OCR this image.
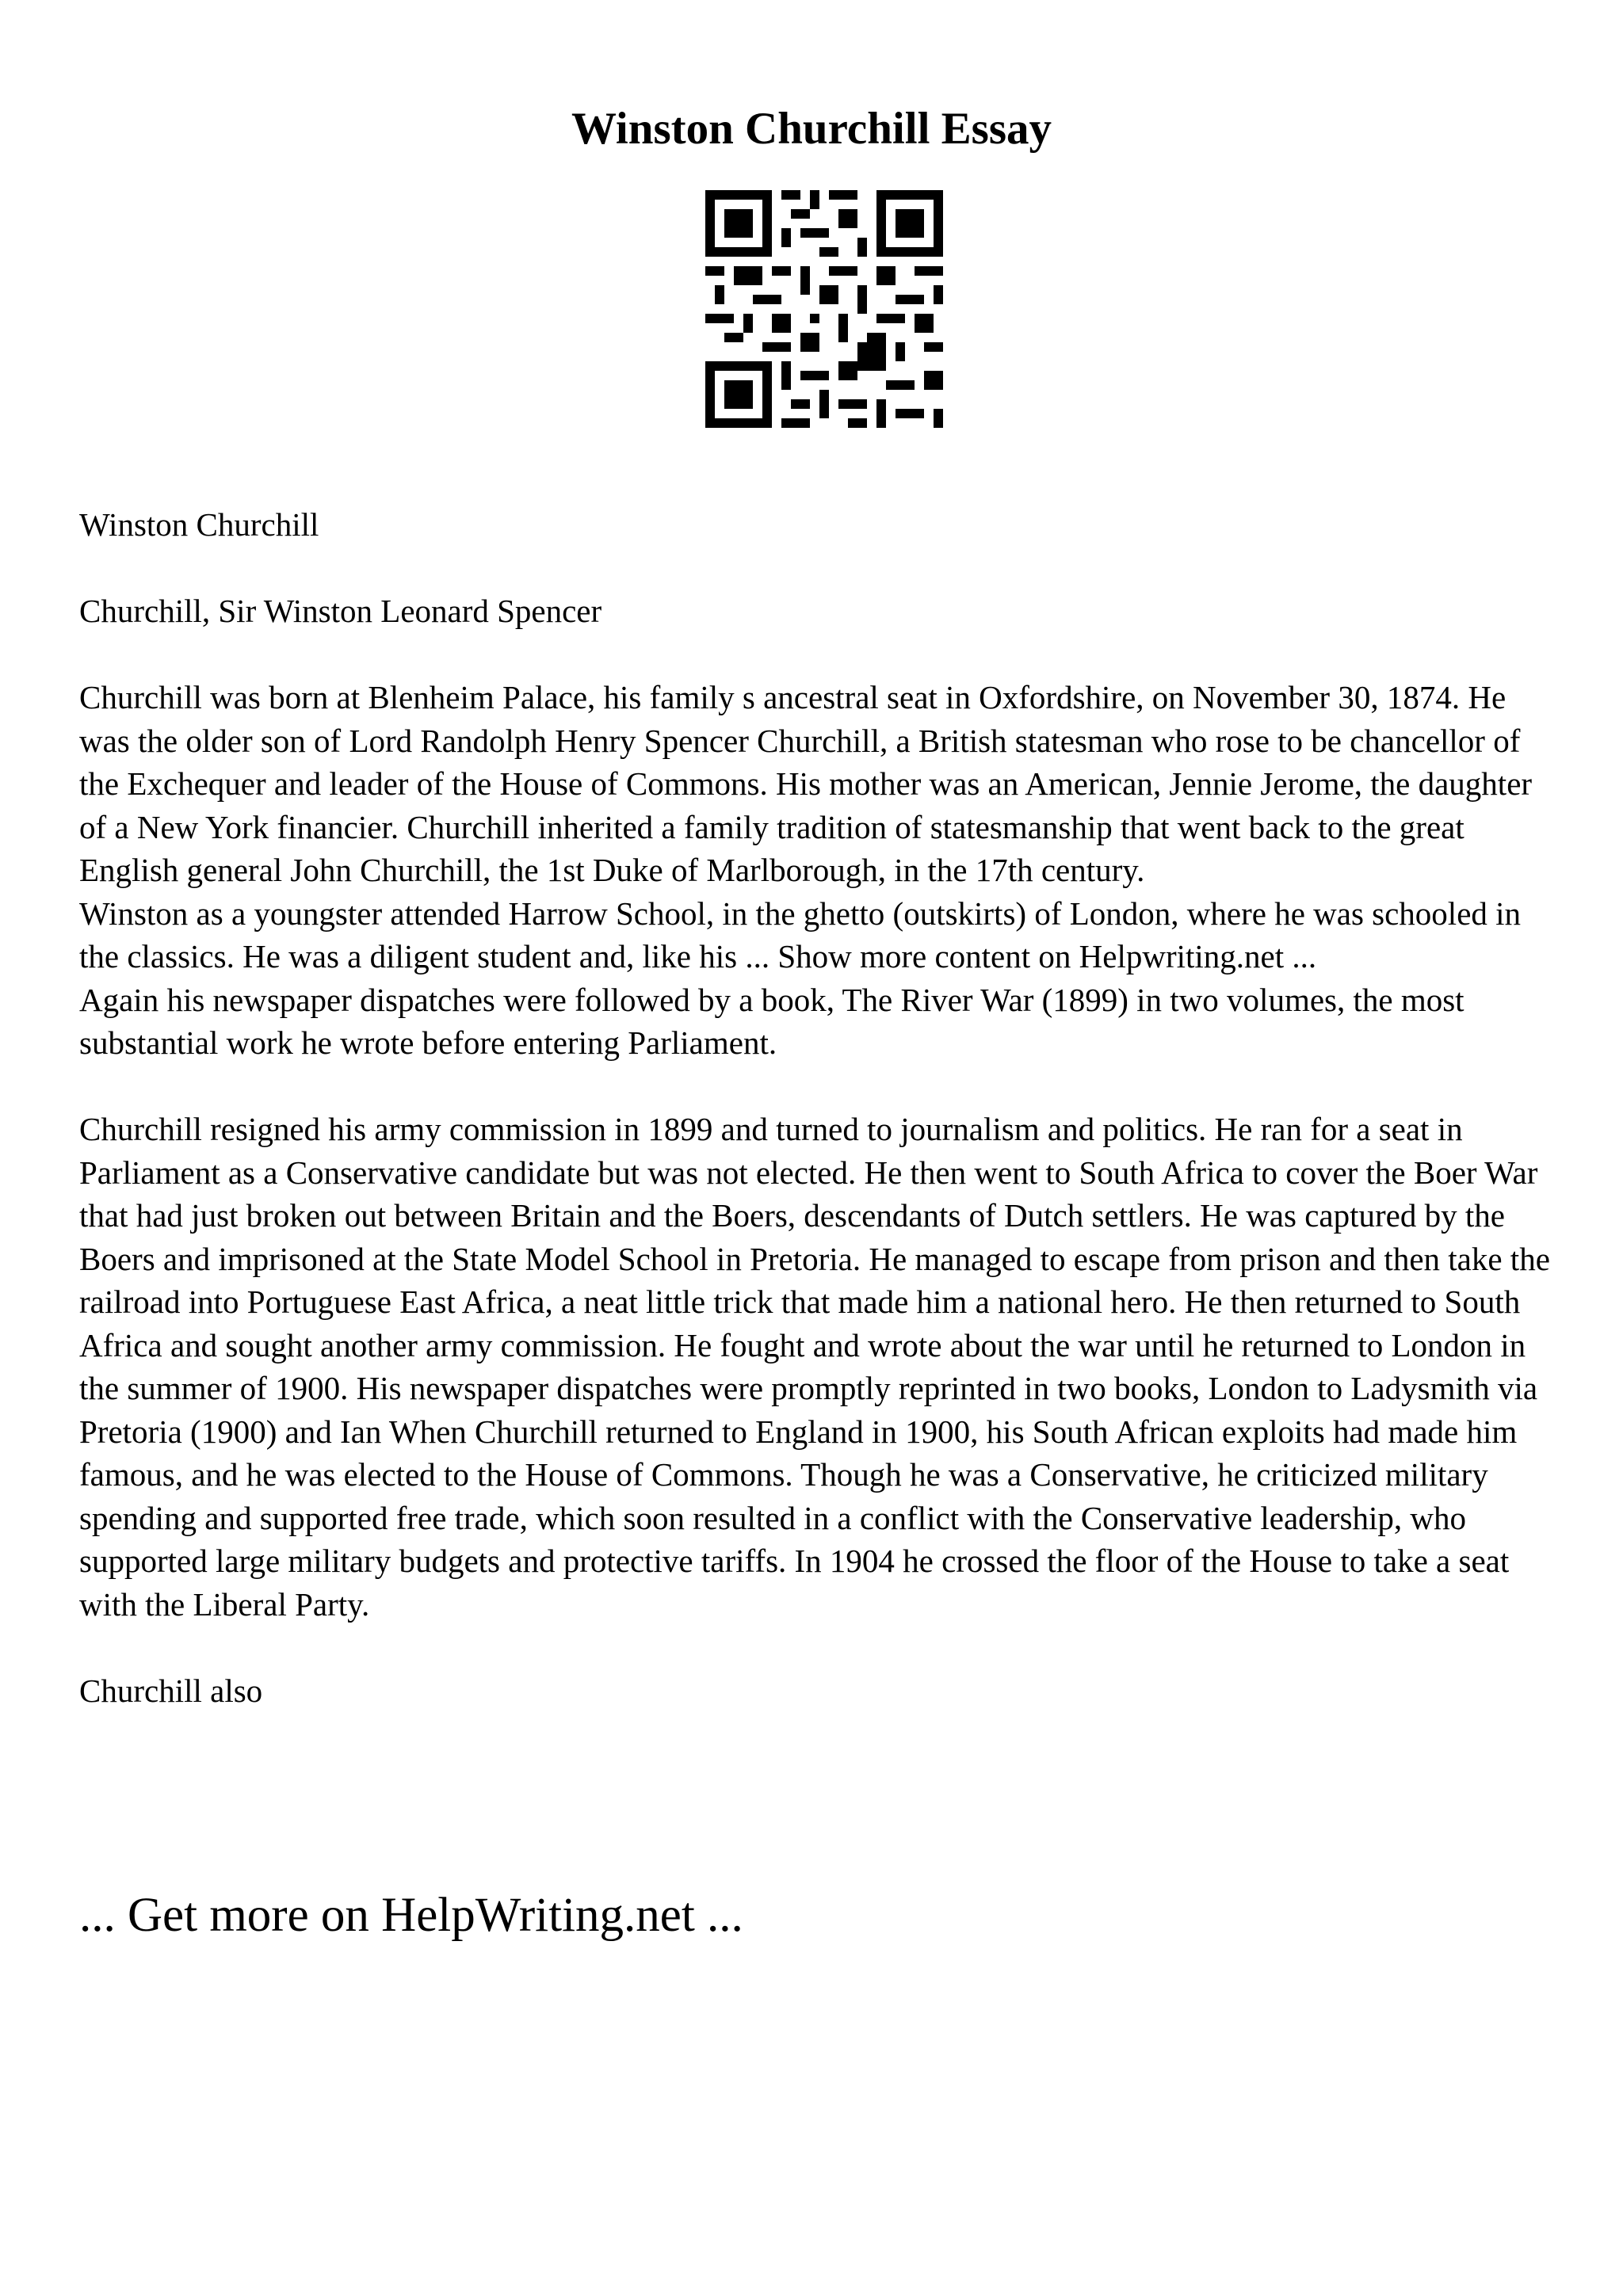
Winston Churchill Essay

Winston Churchill

Churchill, Sir Winston Leonard Spencer

Churchill was born at Blenheim Palace, his family s ancestral seat in Oxfordshire, on November 30, 1874. He was the older son of Lord Randolph Henry Spencer Churchill, a British statesman who rose to be chancellor of the Exchequer and leader of the House of Commons. His mother was an American, Jennie Jerome, the daughter of a New York financier. Churchill inherited a family tradition of statesmanship that went back to the great English general John Churchill, the 1st Duke of Marlborough, in the 17th century.

Winston as a youngster attended Harrow School, in the ghetto (outskirts) of London, where he was schooled in the classics. He was a diligent student and, like his ... Show more content on Helpwriting.net ...

Again his newspaper dispatches were followed by a book, The River War (1899) in two volumes, the most substantial work he wrote before entering Parliament.

Churchill resigned his army commission in 1899 and turned to journalism and politics. He ran for a seat in Parliament as a Conservative candidate but was not elected. He then went to South Africa to cover the Boer War that had just broken out between Britain and the Boers, descendants of Dutch settlers. He was captured by the Boers and imprisoned at the State Model School in Pretoria. He managed to escape from prison and then take the railroad into Portuguese East Africa, a neat little trick that made him a national hero. He then returned to South Africa and sought another army commission. He fought and wrote about the war until he returned to London in the summer of 1900. His newspaper dispatches were promptly reprinted in two books, London to Ladysmith via Pretoria (1900) and Ian When Churchill returned to England in 1900, his South African exploits had made him famous, and he was elected to the House of Commons. Though he was a Conservative, he criticized military spending and supported free trade, which soon resulted in a conflict with the Conservative leadership, who supported large military budgets and protective tariffs. In 1904 he crossed the floor of the House to take a seat with the Liberal Party.

Churchill also

... Get more on HelpWriting.net ...
